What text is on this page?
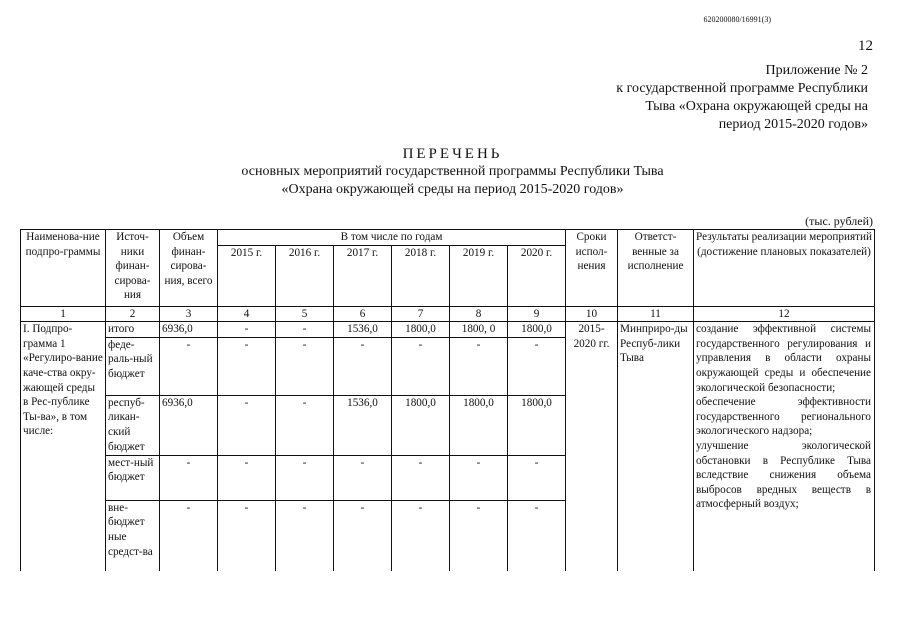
620200080/16991(3)
12
Приложение № 2
к государственной программе Республики
Тыва «Охрана окружающей среды на
период 2015-2020 годов»
ПЕРЕЧЕНЬ
основных мероприятий государственной программы Республики Тыва
«Охрана окружающей среды на период 2015-2020 годов»
(тыс. рублей)
Наименова-ние подпро-граммы	Источ-ники финан-сирова-ния	Объем финан-сирова-ния, всего	В том числе по годам						Сроки испол-нения	Ответст-венные за исполнение	Результаты реализации мероприятий (достижение плановых показателей)
			2015 г.	2016 г.	2017 г.	2018 г.	2019 г.	2020 г.			
1	2	3	4	5	6	7	8	9	10	11	12
I. Подпро-грамма 1 «Регулиро-вание каче-ства окру-жающей среды в Рес-публике Ты-ва», в том числе:	итого	6936,0	-	-	1536,0	1800,0	1800, 0	1800,0	2015-2020 гг.	Минприро-ды Респуб-лики Тыва	создание эффективной системы государственного регулирования и управления в области охраны окружающей среды и обеспечение экологической безопасности;
обеспечение эффективности государственного регионального экологического надзора;
улучшение экологической обстановки в Республике Тыва вследствие снижения объема выбросов вредных веществ в атмосферный воздух;

	феде-раль-ный бюджет	-	-	-	-	-	-	-			
	респуб-ликан-ский бюджет	6936,0	-	-	1536,0	1800,0	1800,0	1800,0			
	мест-ный бюджет	-	-	-	-	-	-	-			
	вне-бюджет ные средст-ва	-	-	-	-	-	-	-			
